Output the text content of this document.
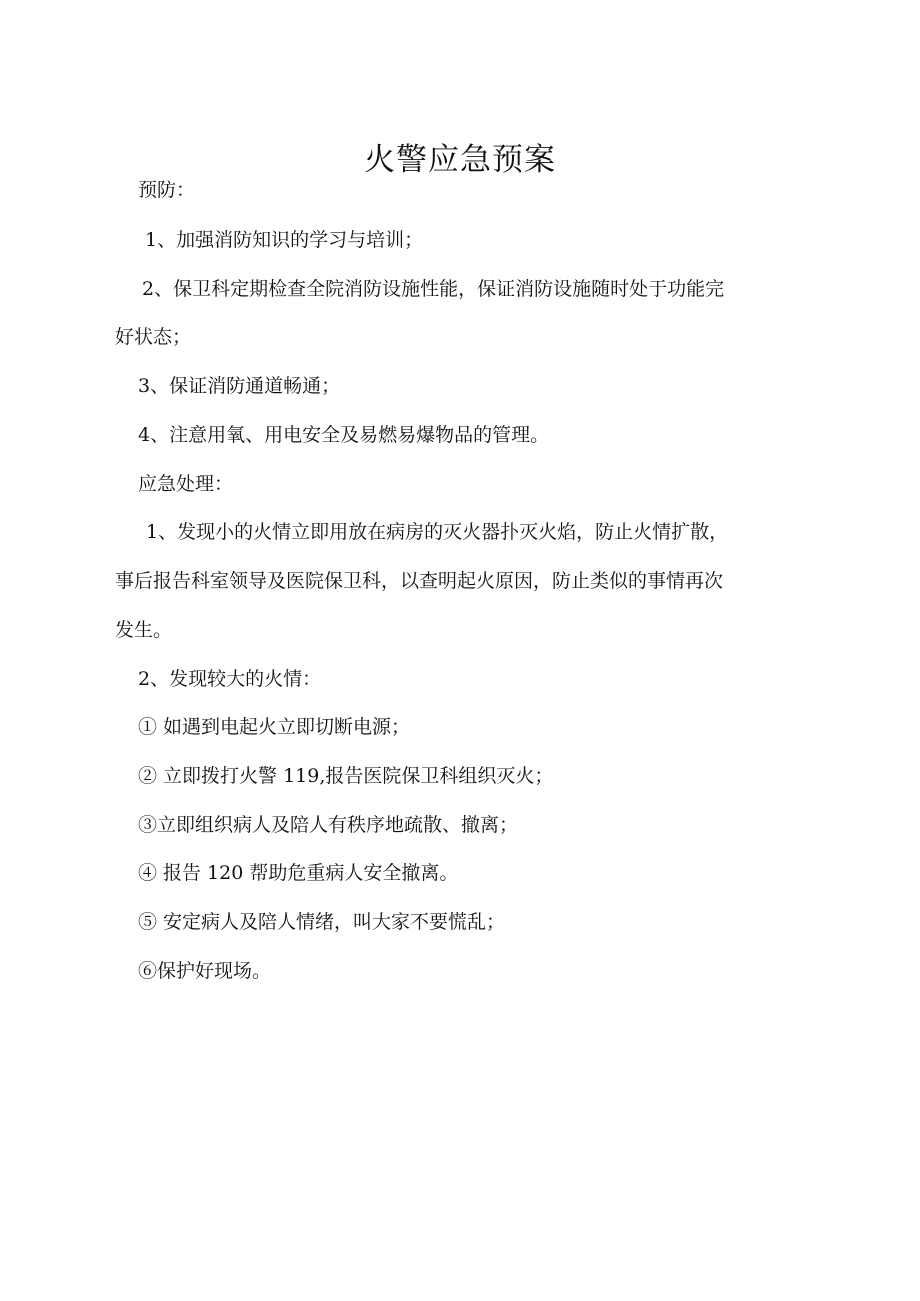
火警应急预案
预防：
1、加强消防知识的学习与培训；
2、保卫科定期检查全院消防设施性能，保证消防设施随时处于功能完
好状态；
3、保证消防通道畅通；
4、注意用氧、用电安全及易燃易爆物品的管理。
应急处理：
1、发现小的火情立即用放在病房的灭火器扑灭火焰，防止火情扩散，
事后报告科室领导及医院保卫科，以查明起火原因，防止类似的事情再次
发生。
2、发现较大的火情：
① 如遇到电起火立即切断电源；
② 立即拨打火警 119,报告医院保卫科组织灭火；
③立即组织病人及陪人有秩序地疏散、撤离；
④ 报告 120 帮助危重病人安全撤离。
⑤ 安定病人及陪人情绪，叫大家不要慌乱；
⑥保护好现场。
